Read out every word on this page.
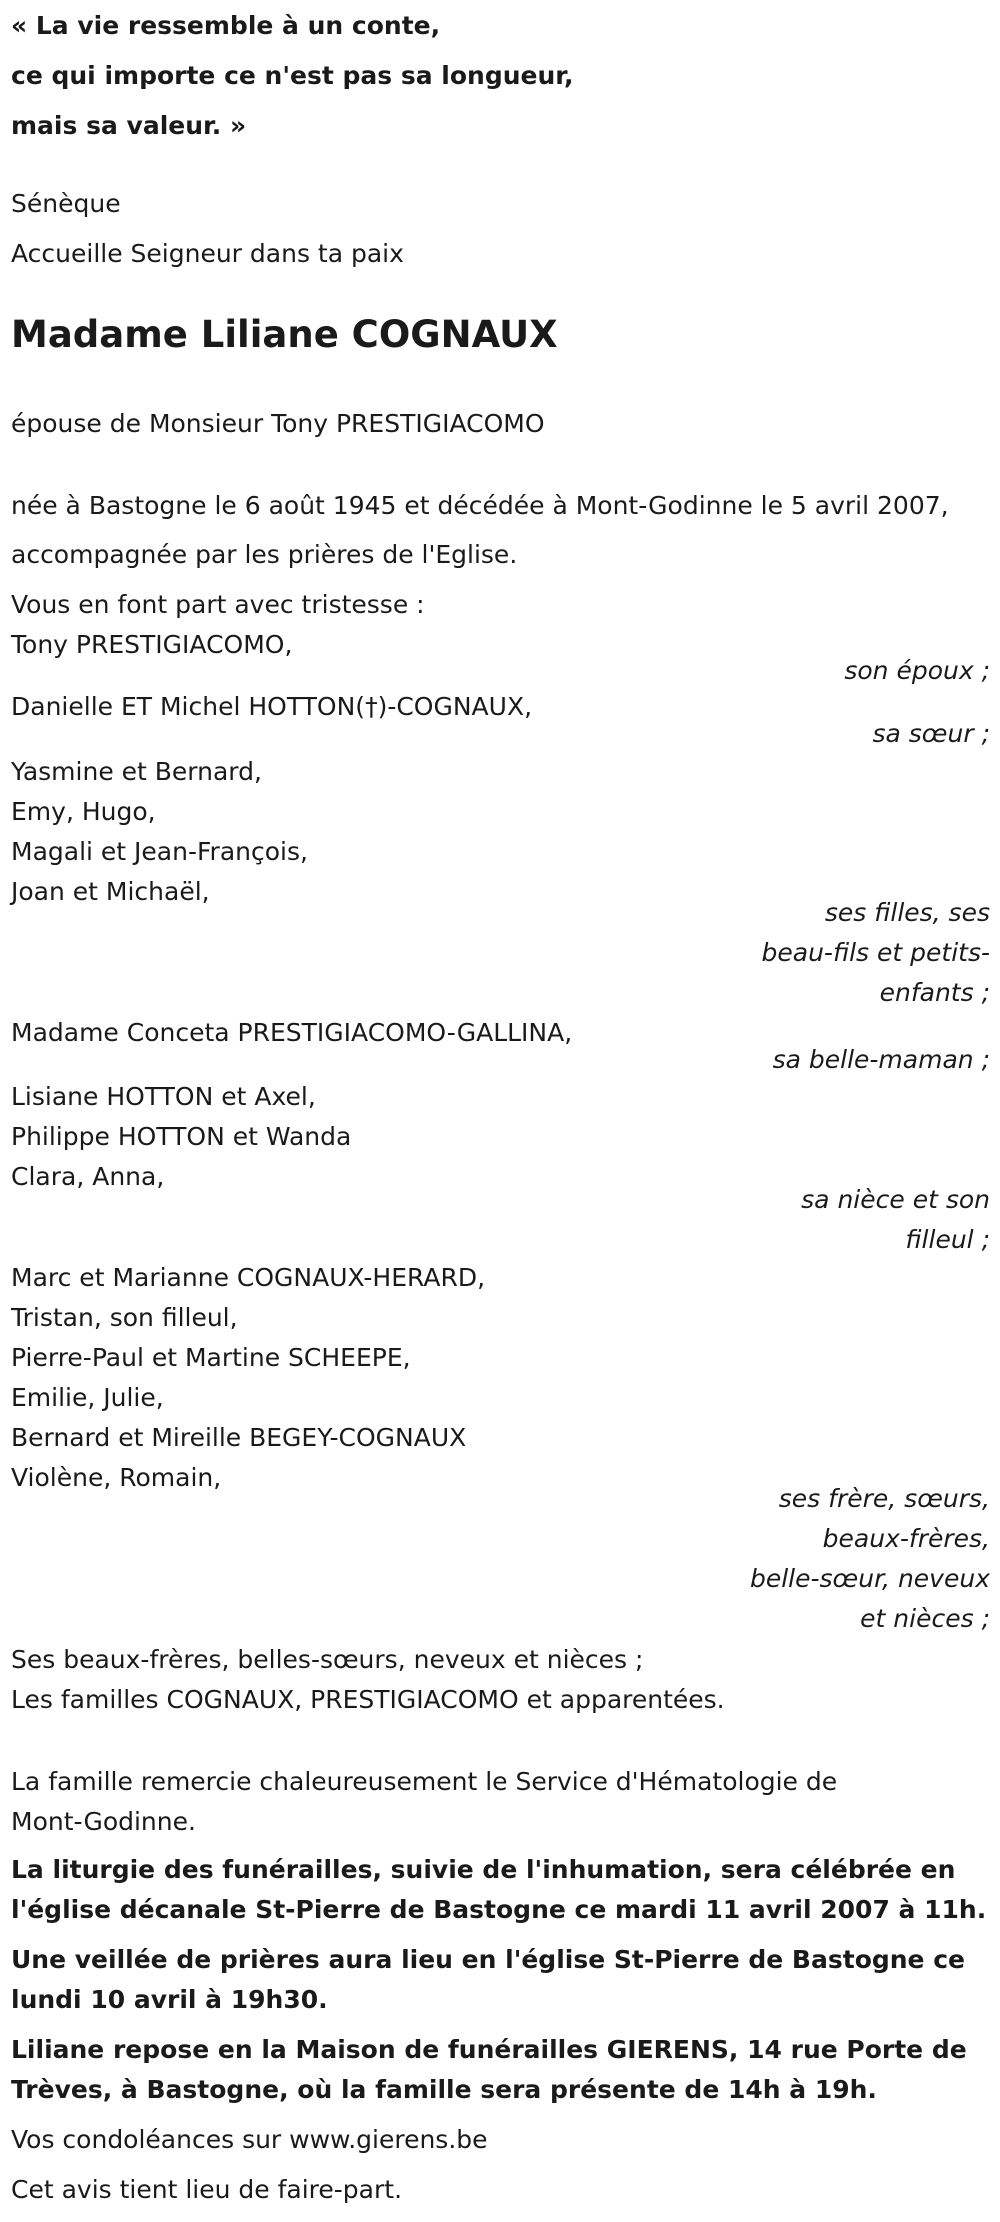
« La vie ressemble à un conte,
ce qui importe ce n'est pas sa longueur,
mais sa valeur. »
Sénèque
Accueille Seigneur dans ta paix
Madame Liliane COGNAUX
épouse de Monsieur Tony PRESTIGIACOMO
née à Bastogne le 6 août 1945 et décédée à Mont-Godinne le 5 avril 2007,
accompagnée par les prières de l'Eglise.
Vous en font part avec tristesse :
Tony PRESTIGIACOMO,
son époux ;
Danielle ET Michel HOTTON(†)-COGNAUX,
sa sœur ;
Yasmine et Bernard,
Emy, Hugo,
Magali et Jean-François,
Joan et Michaël,
ses filles, ses
beau-fils et petits-
enfants ;
Madame Conceta PRESTIGIACOMO-GALLINA,
sa belle-maman ;
Lisiane HOTTON et Axel,
Philippe HOTTON et Wanda
Clara, Anna,
sa nièce et son
filleul ;
Marc et Marianne COGNAUX-HERARD,
Tristan, son filleul,
Pierre-Paul et Martine SCHEEPE,
Emilie, Julie,
Bernard et Mireille BEGEY-COGNAUX
Violène, Romain,
ses frère, sœurs,
beaux-frères,
belle-sœur, neveux
et nièces ;
Ses beaux-frères, belles-sœurs, neveux et nièces ;
Les familles COGNAUX, PRESTIGIACOMO et apparentées.
La famille remercie chaleureusement le Service d'Hématologie de
Mont-Godinne.
La liturgie des funérailles, suivie de l'inhumation, sera célébrée en
l'église décanale St-Pierre de Bastogne ce mardi 11 avril 2007 à 11h.
Une veillée de prières aura lieu en l'église St-Pierre de Bastogne ce
lundi 10 avril à 19h30.
Liliane repose en la Maison de funérailles GIERENS, 14 rue Porte de
Trèves, à Bastogne, où la famille sera présente de 14h à 19h.
Vos condoléances sur www.gierens.be
Cet avis tient lieu de faire-part.
